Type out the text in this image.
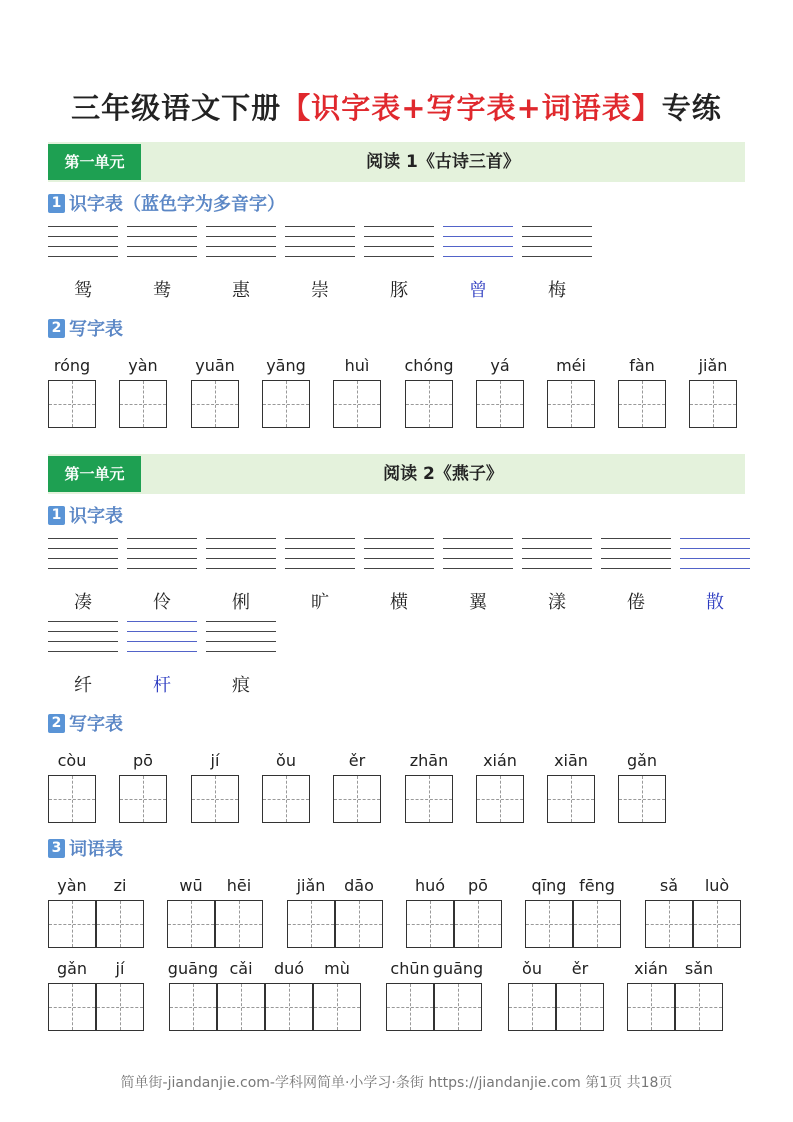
三年级语文下册【识字表+写字表+词语表】专练
第一单元	阅读 1《古诗三首》
1 识字表（蓝色字为多音字）
2 写字表
第一单元	阅读 2《燕子》
1 识字表
2 写字表
3 词语表
简单街-jiandanjie.com-学科网简单·小学习·条街 https://jiandanjie.com 第1页 共18页
鸳	鸯	惠	崇	豚	曾	梅
róng	yàn	yuān	yāng	huì	chóng	yá	méi	fàn	jiǎn
凑	伶	俐	旷	横	翼	漾	倦	散
纤	杆	痕
còu	pō	jí	ǒu	ěr	zhān	xián	xiān	gǎn
yàn	zi	wū	hēi	jiǎn	dāo	huó	pō	qīng fēng	sǎ	luò
gǎn	jí	guāng cǎi	duó	mù	chūn guāng	ǒu	ěr	xián	sǎn
